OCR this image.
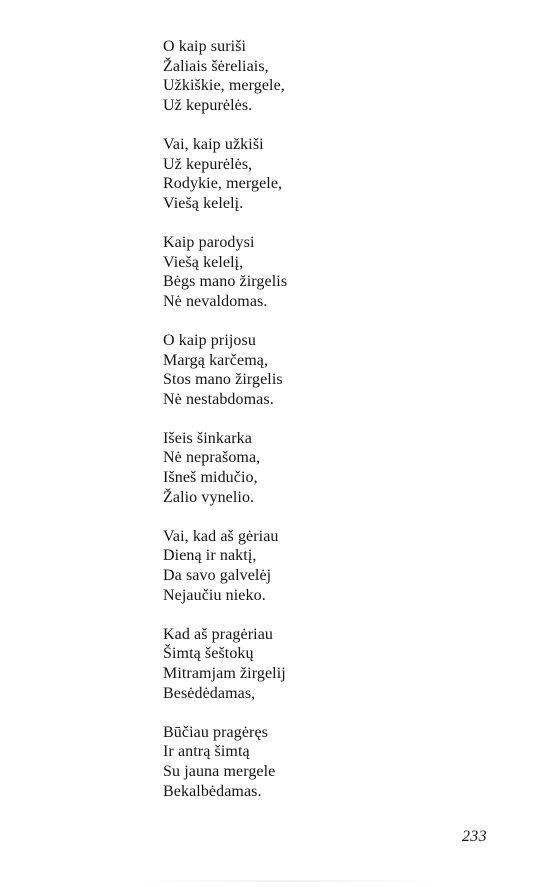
O kaip suriši
Žaliais šėreliais,
Užkiškie, mergele,
Už kepurėlės.
Vai, kaip užkiši
Už kepurėlės,
Rodykie, mergele,
Viešą kelelį.
Kaip parodysi
Viešą kelelį,
Bėgs mano žirgelis
Nė nevaldomas.
O kaip prijosu
Margą karčemą,
Stos mano žirgelis
Nė nestabdomas.
Išeis šinkarka
Nė neprašoma,
Išneš midučio,
Žalio vynelio.
Vai, kad aš gėriau
Dieną ir naktį,
Da savo galvelėj
Nejaučiu nieko.
Kad aš pragėriau
Šimtą šeštokų
Mitramjam žirgelij
Besėdėdamas,
Būčiau pragėręs
Ir antrą šimtą
Su jauna mergele
Bekalbėdamas.
233
